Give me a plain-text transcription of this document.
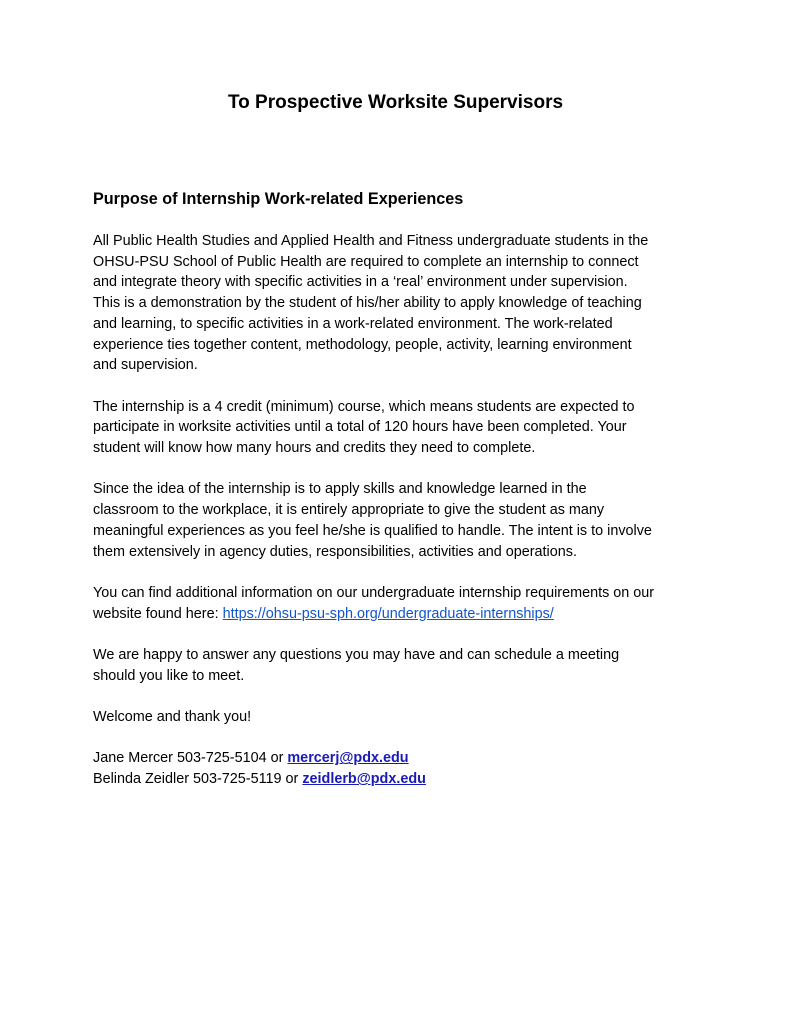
To Prospective Worksite Supervisors
Purpose of Internship Work-related Experiences

All Public Health Studies and Applied Health and Fitness undergraduate students in the
OHSU-PSU School of Public Health are required to complete an internship to connect
and integrate theory with specific activities in a ‘real’ environment under supervision.
This is a demonstration by the student of his/her ability to apply knowledge of teaching
and learning, to specific activities in a work-related environment. The work-related
experience ties together content, methodology, people, activity, learning environment
and supervision.

The internship is a 4 credit (minimum) course, which means students are expected to
participate in worksite activities until a total of 120 hours have been completed. Your
student will know how many hours and credits they need to complete.

Since the idea of the internship is to apply skills and knowledge learned in the
classroom to the workplace, it is entirely appropriate to give the student as many
meaningful experiences as you feel he/she is qualified to handle. The intent is to involve
them extensively in agency duties, responsibilities, activities and operations.

You can find additional information on our undergraduate internship requirements on our
website found here: https://ohsu-psu-sph.org/undergraduate-internships/

We are happy to answer any questions you may have and can schedule a meeting
should you like to meet.

Welcome and thank you!

Jane Mercer 503-725-5104 or mercerj@pdx.edu
Belinda Zeidler 503-725-5119 or zeidlerb@pdx.edu
